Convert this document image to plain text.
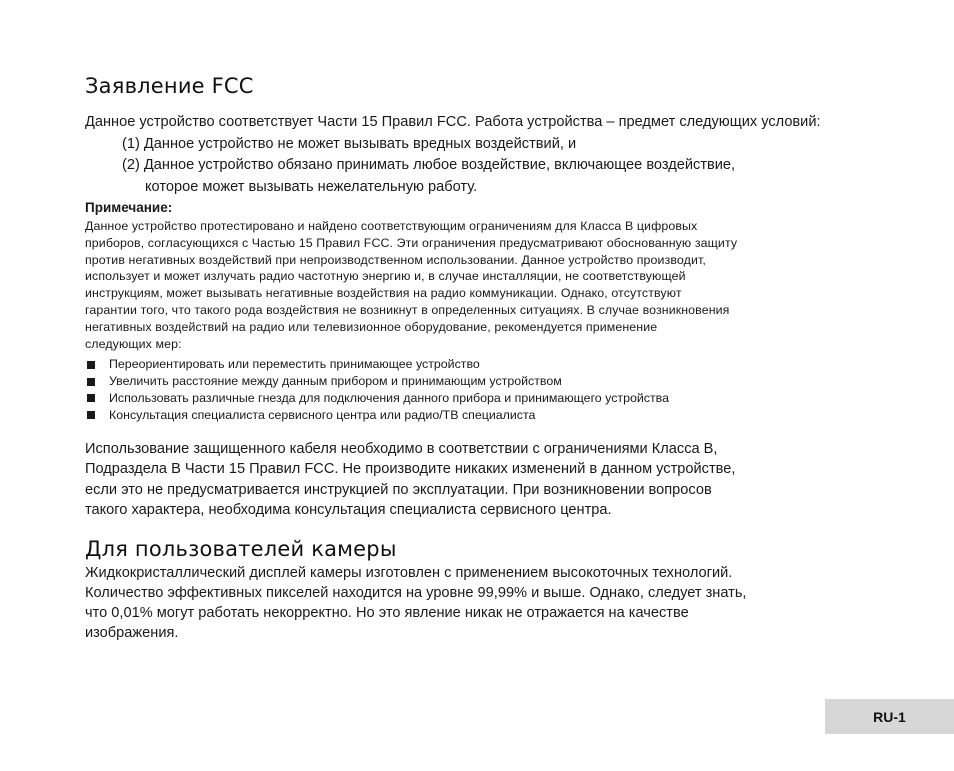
Заявление FCC

Данное устройство соответствует Части 15 Правил FCC. Работа устройства – предмет следующих условий:

(1) Данное устройство не может вызывать вредных воздействий, и

(2) Данное устройство обязано принимать любое воздействие, включающее воздействие,

которое может вызывать нежелательную работу.

Примечание:

Данное устройство протестировано и найдено соответствующим ограничениям для Класса B цифровых
приборов, согласующихся с Частью 15 Правил FCC. Эти ограничения предусматривают обоснованную защиту
против негативных воздействий при непроизводственном использовании. Данное устройство производит,
использует и может излучать радио частотную энергию и, в случае инсталляции, не соответствующей
инструкциям, может вызывать негативные воздействия на радио коммуникации. Однако, отсутствуют
гарантии того, что такого рода воздействия не возникнут в определенных ситуациях. В случае возникновения
негативных воздействий на радио или телевизионное оборудование, рекомендуется применение
следующих мер:
Переориентировать или переместить принимающее устройство
Увеличить расстояние между данным прибором и принимающим устройством
Использовать различные гнезда для подключения данного прибора и принимающего устройства
Консультация специалиста сервисного центра или радио/ТВ специалиста
Использование защищенного кабеля необходимо в соответствии с ограничениями Класса B,
Подраздела B Части 15 Правил FCC. Не производите никаких изменений в данном устройстве,
если это не предусматривается инструкцией по эксплуатации. При возникновении вопросов
такого характера, необходима консультация специалиста сервисного центра.
Для пользователей камеры
Жидкокристаллический дисплей камеры изготовлен с применением высокоточных технологий.
Количество эффективных пикселей находится на уровне 99,99% и выше. Однако, следует знать,
что 0,01% могут работать некорректно. Но это явление никак не отражается на качестве
изображения.
RU-1
